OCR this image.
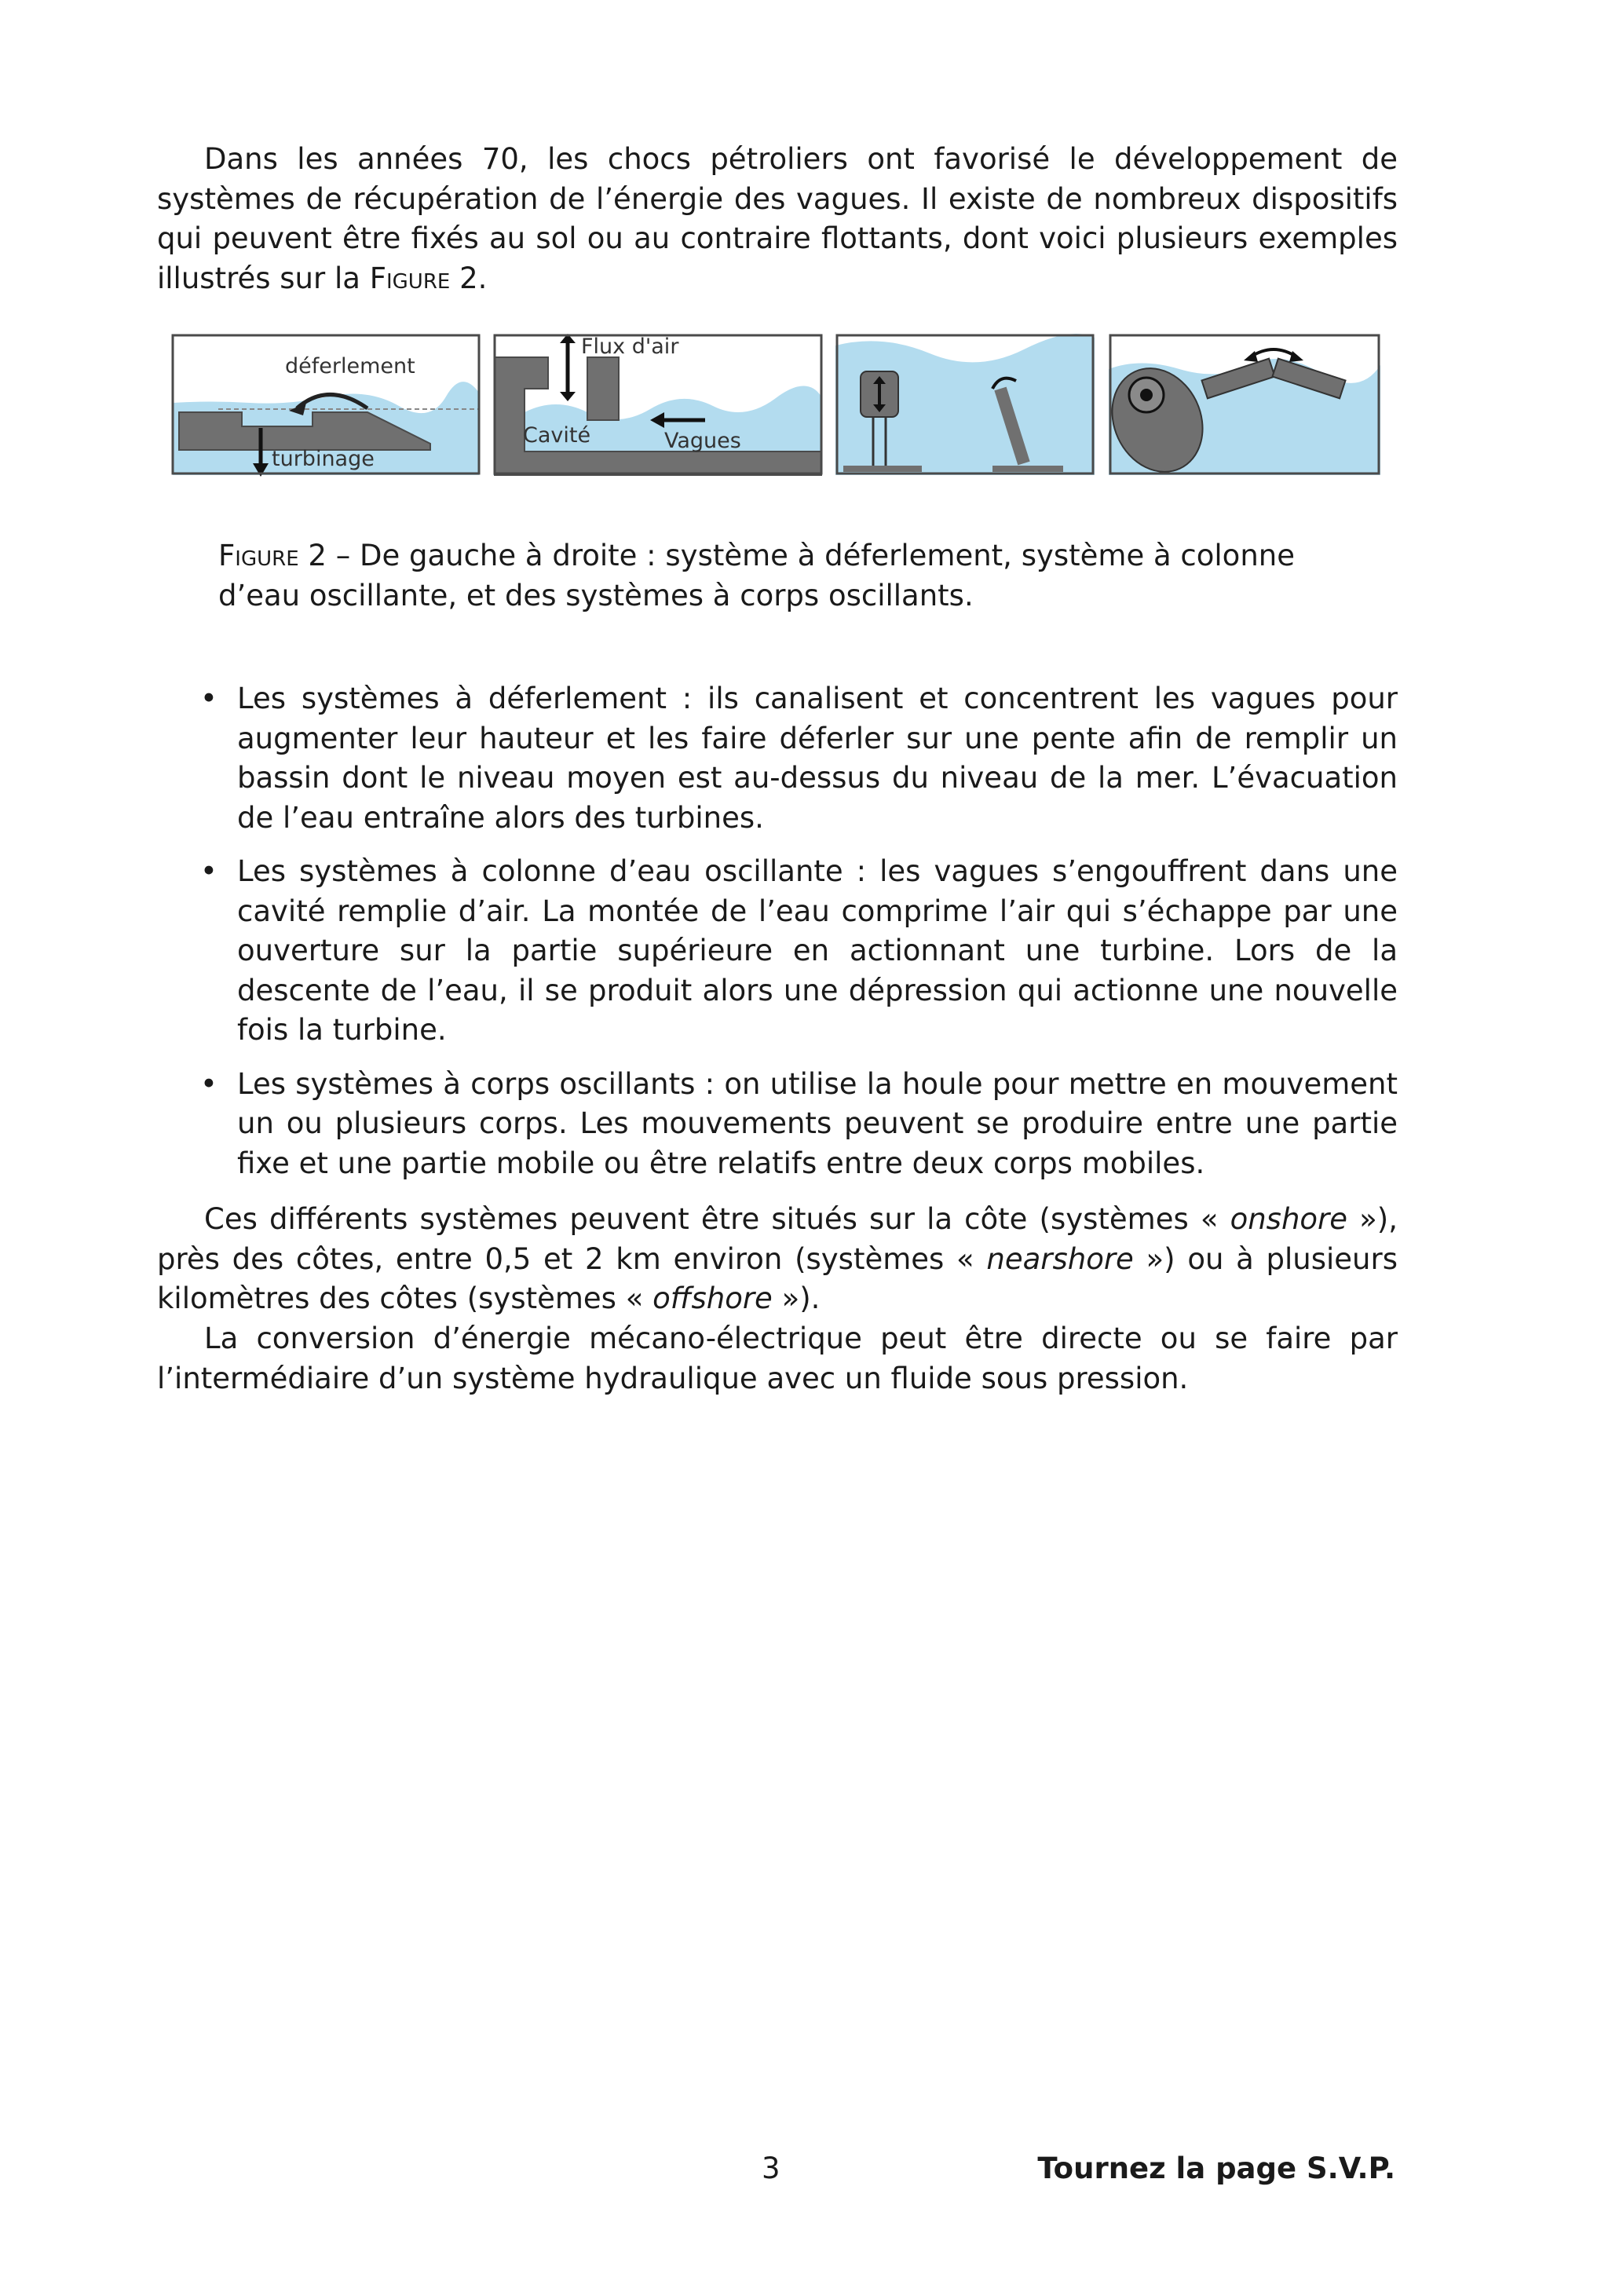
Dans les années 70, les chocs pétroliers ont favorisé le développement de systèmes de récupération de l’énergie des vagues. Il existe de nombreux dispositifs qui peuvent être fixés au sol ou au contraire flottants, dont voici plusieurs exemples illustrés sur la Figure 2.

déferlement
turbinage
Flux d'air
Cavité	Vagues

Figure 2 – De gauche à droite : système à déferlement, système à colonne d’eau oscillante, et des systèmes à corps oscillants.

• Les systèmes à déferlement : ils canalisent et concentrent les vagues pour augmenter leur hauteur et les faire déferler sur une pente afin de remplir un bassin dont le niveau moyen est au-dessus du niveau de la mer. L’évacuation de l’eau entraîne alors des turbines.
• Les systèmes à colonne d’eau oscillante : les vagues s’engouffrent dans une cavité remplie d’air. La montée de l’eau comprime l’air qui s’échappe par une ouverture sur la partie supérieure en actionnant une turbine. Lors de la descente de l’eau, il se produit alors une dépression qui actionne une nouvelle fois la turbine.
• Les systèmes à corps oscillants : on utilise la houle pour mettre en mouvement un ou plusieurs corps. Les mouvements peuvent se produire entre une partie fixe et une partie mobile ou être relatifs entre deux corps mobiles.

Ces différents systèmes peuvent être situés sur la côte (systèmes « onshore »), près des côtes, entre 0,5 et 2 km environ (systèmes « nearshore ») ou à plusieurs kilomètres des côtes (systèmes « offshore »).

La conversion d’énergie mécano-électrique peut être directe ou se faire par l’intermédiaire d’un système hydraulique avec un fluide sous pression.

3	Tournez la page S.V.P.
